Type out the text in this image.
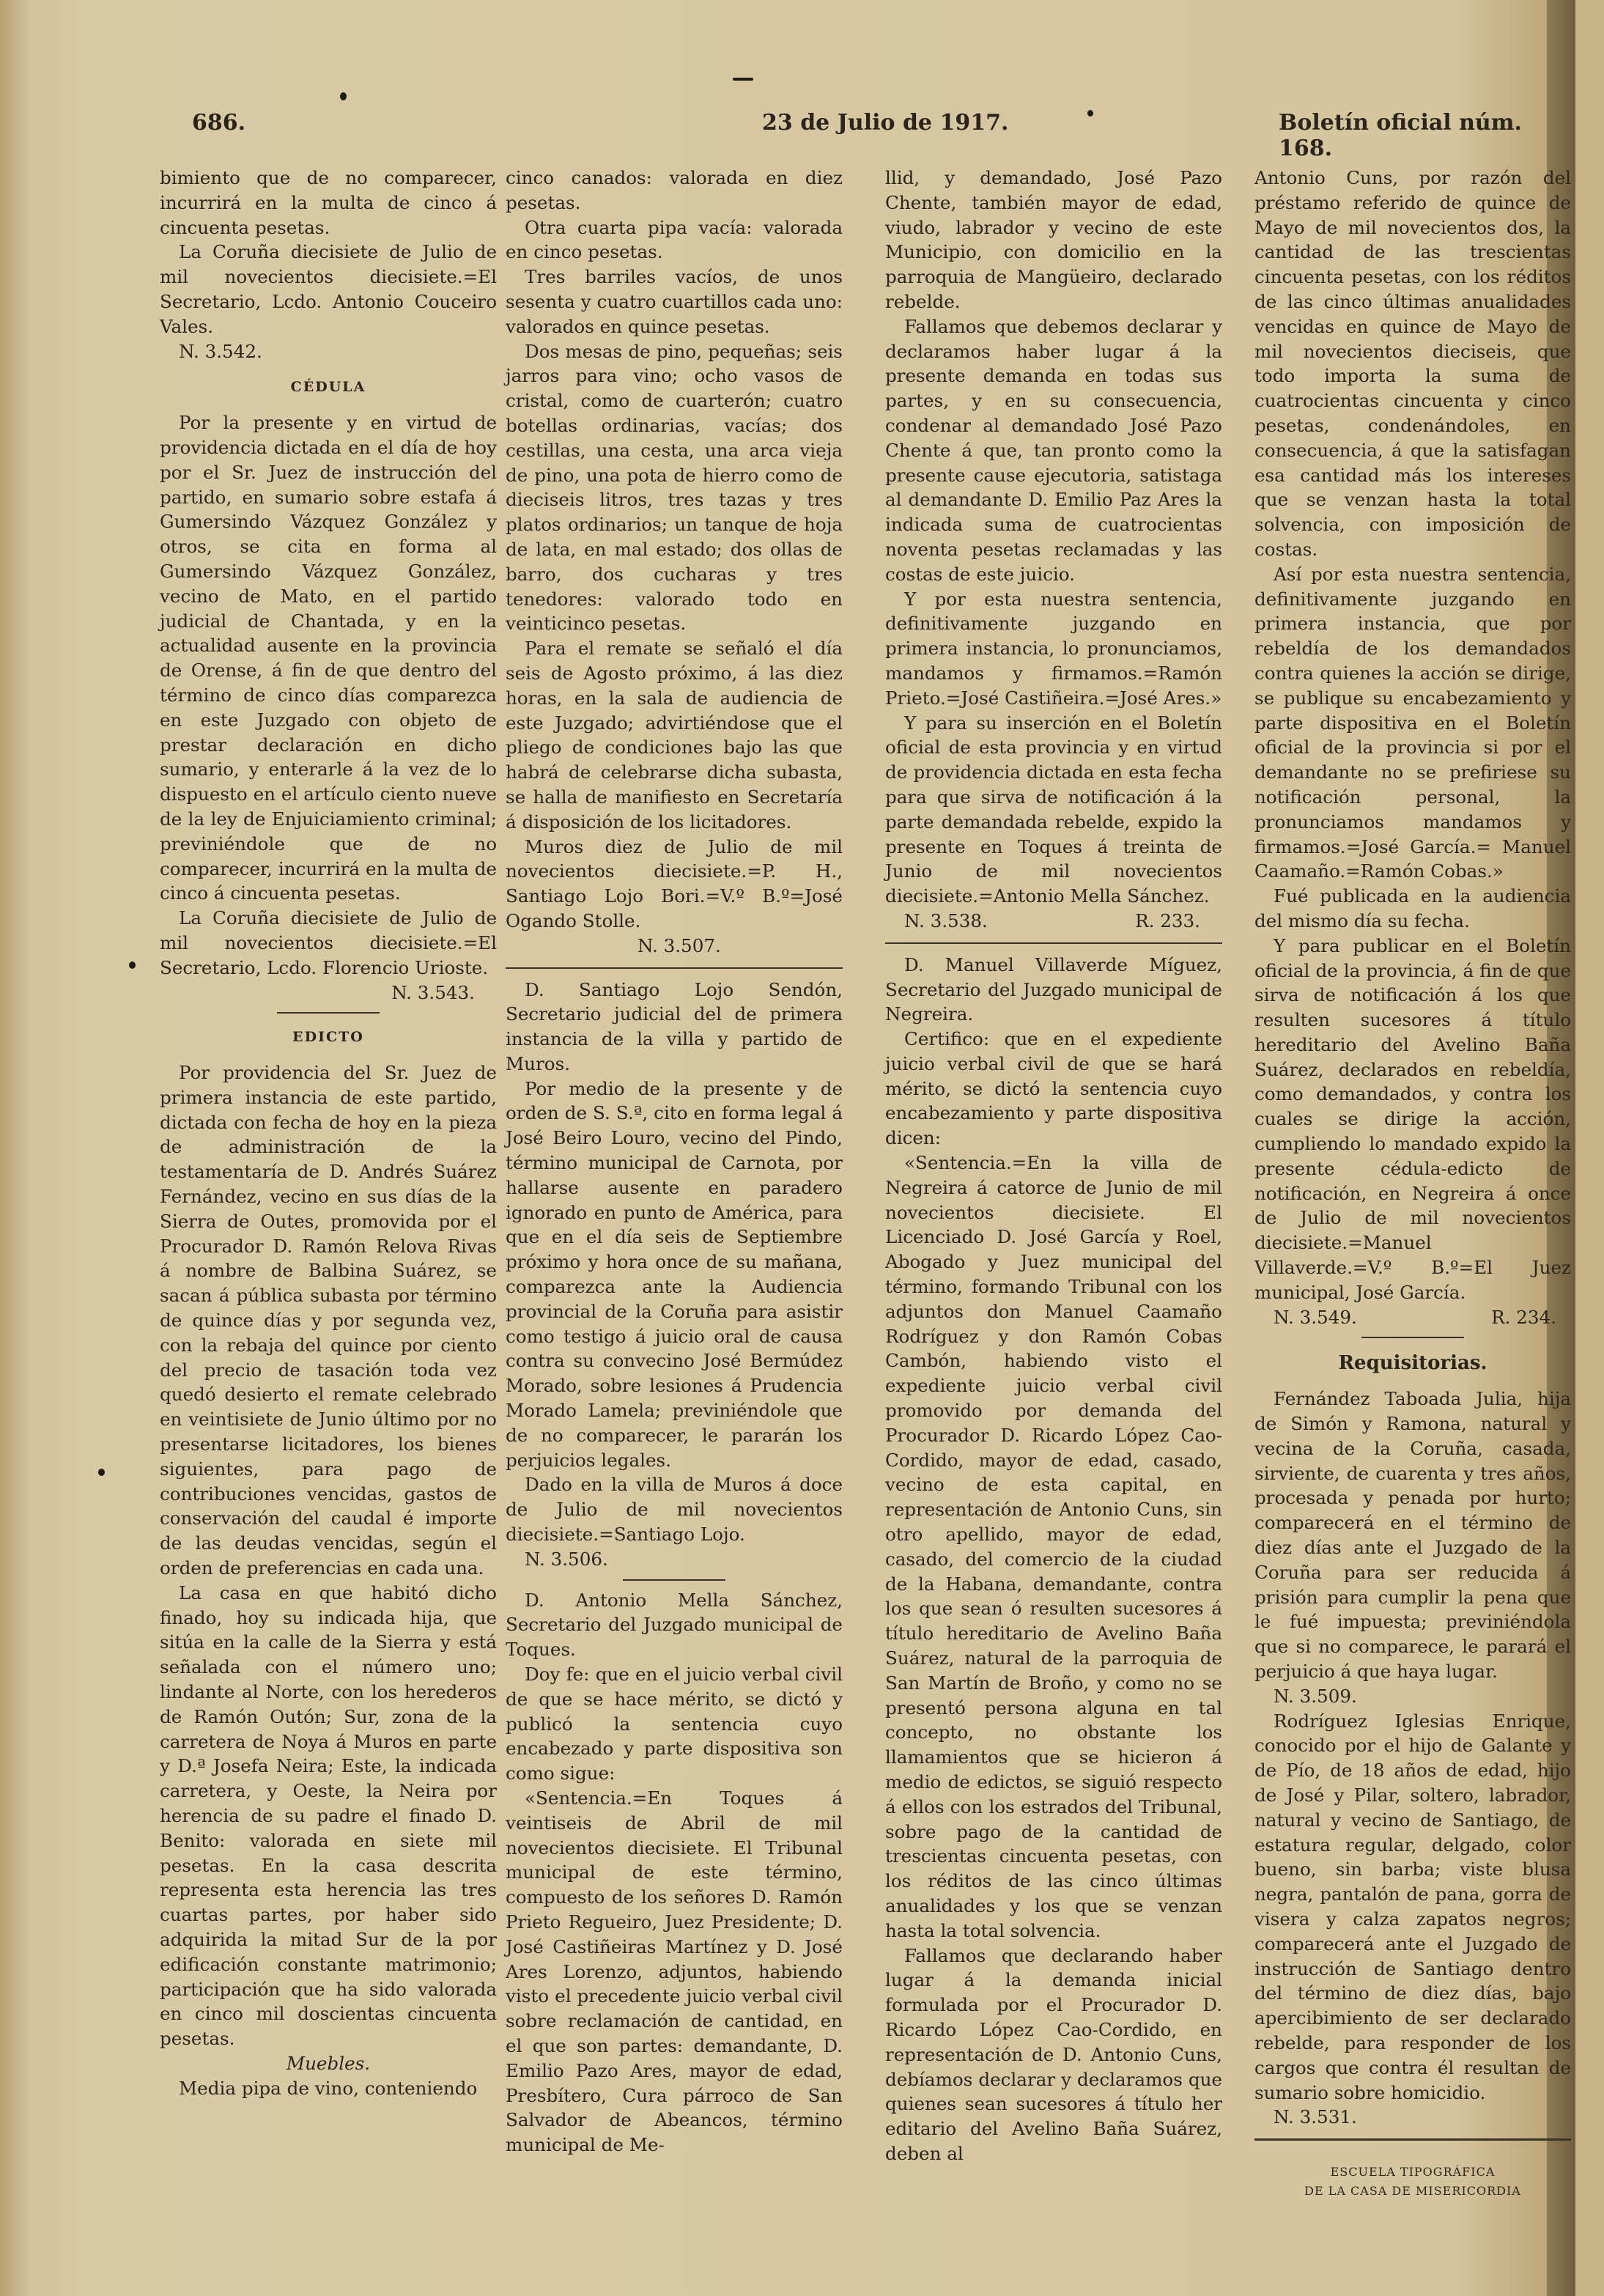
686.	23 de Julio de 1917.	Boletín oficial núm. 168.

bimiento que de no comparecer, incurrirá en la multa de cinco á cincuenta pesetas.

La Coruña diecisiete de Julio de mil novecientos diecisiete.=El Secretario, Lcdo. Antonio Couceiro Vales.

N. 3.542.

CÉDULA

Por la presente y en virtud de providencia dictada en el día de hoy por el Sr. Juez de instrucción del partido, en sumario sobre estafa á Gumersindo Vázquez González y otros, se cita en forma al Gumersindo Vázquez González, vecino de Mato, en el partido judicial de Chantada, y en la actualidad ausente en la provincia de Orense, á fin de que dentro del término de cinco días comparezca en este Juzgado con objeto de prestar declaración en dicho sumario, y enterarle á la vez de lo dispuesto en el artículo ciento nueve de la ley de Enjuiciamiento criminal; previniéndole que de no comparecer, incurrirá en la multa de cinco á cincuenta pesetas.

La Coruña diecisiete de Julio de mil novecientos diecisiete.=El Secretario, Lcdo. Florencio Uriostе.

N. 3.543.
EDICTO

Por providencia del Sr. Juez de primera instancia de este partido, dictada con fecha de hoy en la pieza de administración de la testamentaría de D. Andrés Suárez Fernández, vecino en sus días de la Sierra de Outes, promovida por el Procurador D. Ramón Relova Rivas á nombre de Balbina Suárez, se sacan á pública subasta por término de quince días y por segunda vez, con la rebaja del quince por ciento del precio de tasación toda vez quedó desierto el remate celebrado en veintisiete de Junio último por no presentarse licitadores, los bienes siguientes, para pago de contribuciones vencidas, gastos de conservación del caudal é importe de las deudas vencidas, según el orden de preferencias en cada una.

La casa en que habitó dicho finado, hoy su indicada hija, que sitúa en la calle de la Sierra y está señalada con el número uno; lindante al Norte, con los herederos de Ramón Outón; Sur, zona de la carretera de Noya á Muros en parte y D.ª Josefa Neira; Este, la indicada carretera, y Oeste, la Neira por herencia de su padre el finado D. Benito: valorada en siete mil pesetas. En la casa descrita representa esta herencia las tres cuartas partes, por haber sido adquirida la mitad Sur de la por edificación constante matrimonio; participación que ha sido valorada en cinco mil doscientas cincuenta pesetas.

Muebles.

Media pipa de vino, conteniendo

cinco canados: valorada en diez pesetas.

Otra cuarta pipa vacía: valorada en cinco pesetas.

Tres barriles vacíos, de unos sesenta y cuatro cuartillos cada uno: valorados en quince pesetas.

Dos mesas de pino, pequeñas; seis jarros para vino; ocho vasos de cristal, como de cuarterón; cuatro botellas ordinarias, vacías; dos cestillas, una cesta, una arca vieja de pino, una pota de hierro como de dieciseis litros, tres tazas y tres platos ordinarios; un tanque de hoja de lata, en mal estado; dos ollas de barro, dos cucharas y tres tenedores: valorado todo en veinticinco pesetas.

Para el remate se señaló el día seis de Agosto próximo, á las diez horas, en la sala de audiencia de este Juzgado; advirtiéndose que el pliego de condiciones bajo las que habrá de celebrarse dicha subasta, se halla de manifiesto en Secretaría á disposición de los licitadores.

Muros diez de Julio de mil novecientos diecisiete.=P. H., Santiago Lojo Bori.=V.º B.º=José Ogando Stolle.

N. 3.507.

D. Santiago Lojo Sendón, Secretario judicial del de primera instancia de la villa y partido de Muros.

Por medio de la presente y de orden de S. S.ª, cito en forma legal á José Beiro Louro, vecino del Pindo, término municipal de Carnota, por hallarse ausente en paradero ignorado en punto de América, para que en el día seis de Septiembre próximo y hora once de su mañana, comparezca ante la Audiencia provincial de la Coruña para asistir como testigo á juicio oral de causa contra su convecino José Bermúdez Morado, sobre lesiones á Prudencia Morado Lamela; previniéndole que de no comparecer, le pararán los perjuicios legales.

Dado en la villa de Muros á doce de Julio de mil novecientos diecisiete.=Santiago Lojo.

N. 3.506.

D. Antonio Mella Sánchez, Secretario del Juzgado municipal de Toques.

Doy fe: que en el juicio verbal civil de que se hace mérito, se dictó y publicó la sentencia cuyo encabezado y parte dispositiva son como sigue:

«Sentencia.=En Toques á veintiseis de Abril de mil novecientos diecisiete. El Tribunal municipal de este término, compuesto de los señores D. Ramón Prieto Regueiro, Juez Presidente; D. José Castiñeiras Martínez y D. José Ares Lorenzo, adjuntos, habiendo visto el precedente juicio verbal civil sobre reclamación de cantidad, en el que son partes: demandante, D. Emilio Pazo Ares, mayor de edad, Presbítero, Cura párroco de San Salvador de Abeancos, término municipal de Me-

llid, y demandado, José Pazo Chente, también mayor de edad, viudo, labrador y vecino de este Municipio, con domicilio en la parroquia de Mangüeiro, declarado rebelde.

Fallamos que debemos declarar y declaramos haber lugar á la presente demanda en todas sus partes, y en su consecuencia, condenar al demandado José Pazo Chente á que, tan pronto como la presente cause ejecutoria, satistaga al demandante D. Emilio Paz Ares la indicada suma de cuatrocientas noventa pesetas reclamadas y las costas de este juicio.

Y por esta nuestra sentencia, definitivamente juzgando en primera instancia, lo pronunciamos, mandamos y firmamos.=Ramón Prieto.=José Castiñeira.=José Ares.»

Y para su inserción en el Boletín oficial de esta provincia y en virtud de providencia dictada en esta fecha para que sirva de notificación á la parte demandada rebelde, expido la presente en Toques á treinta de Junio de mil novecientos diecisiete.=Antonio Mella Sánchez.

N. 3.538.	R. 233.

D. Manuel Villaverde Míguez, Secretario del Juzgado municipal de Negreira.

Certifico: que en el expediente juicio verbal civil de que se hará mérito, se dictó la sentencia cuyo encabezamiento y parte dispositiva dicen:

«Sentencia.=En la villa de Negreira á catorce de Junio de mil novecientos diecisiete. El Licenciado D. José García y Roel, Abogado y Juez municipal del término, formando Tribunal con los adjuntos don Manuel Caamaño Rodríguez y don Ramón Cobas Cambón, habiendo visto el expediente juicio verbal civil promovido por demanda del Procurador D. Ricardo López Cao-Cordido, mayor de edad, casado, vecino de esta capital, en representación de Antonio Cuns, sin otro apellido, mayor de edad, casado, del comercio de la ciudad de la Habana, demandante, contra los que sean ó resulten sucesores á título hereditario de Avelino Baña Suárez, natural de la parroquia de San Martín de Broño, y como no se presentó persona alguna en tal concepto, no obstante los llamamientos que se hicieron á medio de edictos, se siguió respecto á ellos con los estrados del Tribunal, sobre pago de la cantidad de trescientas cincuenta pesetas, con los réditos de las cinco últimas anualidades y los que se venzan hasta la total solvencia.

Fallamos que declarando haber lugar á la demanda inicial formulada por el Procurador D. Ricardo López Cao-Cordido, en representación de D. Antonio Cuns, debíamos declarar y declaramos que quienes sean sucesores á título her editario del Avelino Baña Suárez, deben al

Antonio Cuns, por razón del préstamo referido de quince de Mayo de mil novecientos dos, la cantidad de las trescientas cincuenta pesetas, con los réditos de las cinco últimas anualidades vencidas en quince de Mayo de mil novecientos dieciseis, que todo importa la suma de cuatrocientas cincuenta y cinco pesetas, condenándoles, en consecuencia, á que la satisfagan esa cantidad más los intereses que se venzan hasta la total solvencia, con imposición de costas.

Así por esta nuestra sentencia, definitivamente juzgando en primera instancia, que por rebeldía de los demandados contra quienes la acción se dirige, se publique su encabezamiento y parte dispositiva en el Boletín oficial de la provincia si por el demandante no se prefiriese su notificación personal, la pronunciamos mandamos y firmamos.=José García.= Manuel Caamaño.=Ramón Cobas.»

Fué publicada en la audiencia del mismo día su fecha.

Y para publicar en el Boletín oficial de la provincia, á fin de que sirva de notificación á los que resulten sucesores á título hereditario del Avelino Baña Suárez, declarados en rebeldía, como demandados, y contra los cuales se dirige la acción, cumpliendo lo mandado expido la presente cédula-edicto de notificación, en Negreira á once de Julio de mil novecientos diecisiete.=Manuel Villaverde.=V.º B.º=El Juez municipal, José García.

N. 3.549.	R. 234.
Requisitorias.

Fernández Taboada Julia, hija de Simón y Ramona, natural y vecina de la Coruña, casada, sirviente, de cuarenta y tres años, procesada y penada por hurto; comparecerá en el término de diez días ante el Juzgado de la Coruña para ser reducida á prisión para cumplir la pena que le fué impuesta; previniéndola que si no comparece, le parará el perjuicio á que haya lugar.

N. 3.509.

Rodríguez Iglesias Enrique, conocido por el hijo de Galante y de Pío, de 18 años de edad, hijo de José y Pilar, soltero, labrador, natural y vecino de Santiago, de estatura regular, delgado, color bueno, sin barba; viste blusa negra, pantalón de pana, gorra de visera y calza zapatos negros; comparecerá ante el Juzgado de instrucción de Santiago dentro del término de diez días, bajo apercibimiento de ser declarado rebelde, para responder de los cargos que contra él resultan de sumario sobre homicidio.

N. 3.531.

ESCUELA TIPOGRÁFICA
DE LA CASA DE MISERICORDIA
